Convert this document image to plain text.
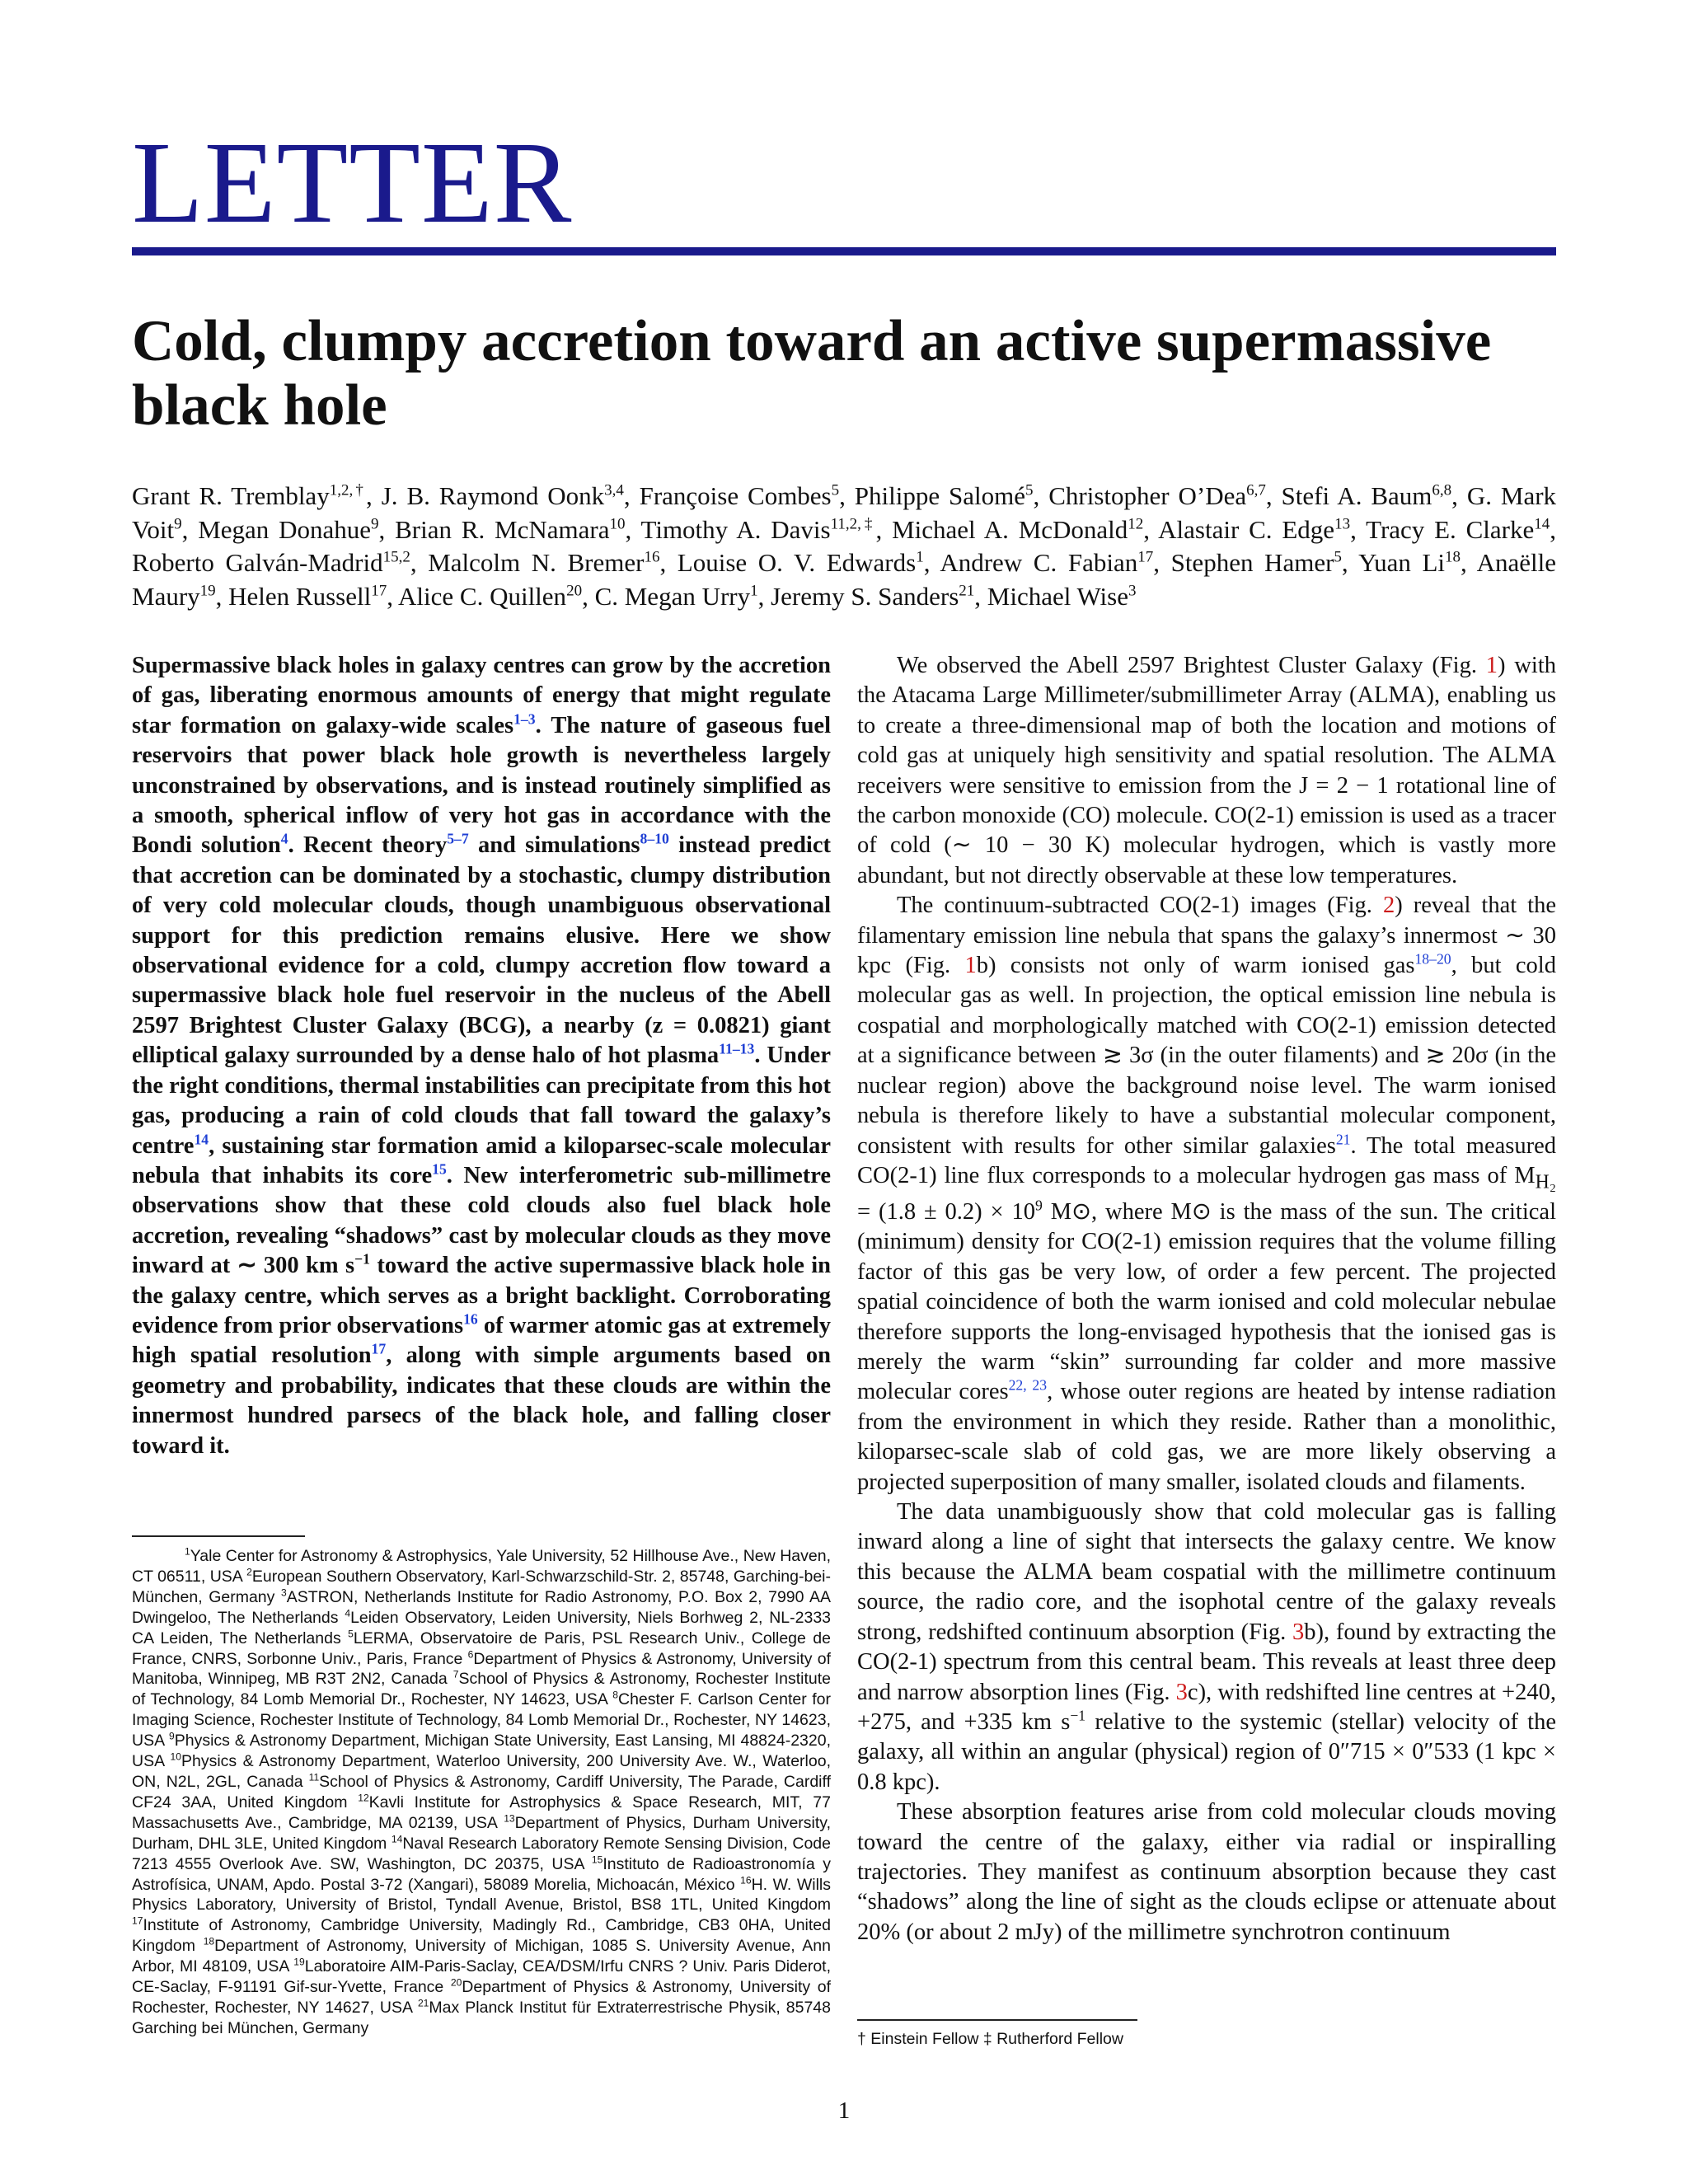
LETTER
Cold, clumpy accretion toward an active supermassive black hole
Grant R. Tremblay$^{1,2,\dagger}$, J. B. Raymond Oonk$^{3,4}$, Françoise Combes$^5$, Philippe Salomé$^5$, Christopher O’Dea$^{6,7}$, Stefi A. Baum$^{6,8}$, G. Mark Voit$^9$, Megan Donahue$^9$, Brian R. McNamara$^{10}$, Timothy A. Davis$^{11,2,\ddagger}$, Michael A. McDonald$^{12}$, Alastair C. Edge$^{13}$, Tracy E. Clarke$^{14}$, Roberto Galván-Madrid$^{15,2}$, Malcolm N. Bremer$^{16}$, Louise O. V. Edwards$^1$, Andrew C. Fabian$^{17}$, Stephen Hamer$^5$, Yuan Li$^{18}$, Anaëlle Maury$^{19}$, Helen Russell$^{17}$, Alice C. Quillen$^{20}$, C. Megan Urry$^1$, Jeremy S. Sanders$^{21}$, Michael Wise$^3$

Supermassive black holes in galaxy centres can grow by the accretion of gas, liberating enormous amounts of energy that might regulate star formation on galaxy-wide scales$^{1-3}$. The nature of gaseous fuel reservoirs that power black hole growth is nevertheless largely unconstrained by observations, and is instead routinely simplified as a smooth, spherical inflow of very hot gas in accordance with the Bondi solution$^4$. Recent theory$^{5-7}$ and simulations$^{8-10}$ instead predict that accretion can be dominated by a stochastic, clumpy distribution of very cold molecular clouds, though unambiguous observational support for this prediction remains elusive. Here we show observational evidence for a cold, clumpy accretion flow toward a supermassive black hole fuel reservoir in the nucleus of the Abell 2597 Brightest Cluster Galaxy (BCG), a nearby (z = 0.0821) giant elliptical galaxy surrounded by a dense halo of hot plasma$^{11-13}$. Under the right conditions, thermal instabilities can precipitate from this hot gas, producing a rain of cold clouds that fall toward the galaxy’s centre$^{14}$, sustaining star formation amid a kiloparsec-scale molecular nebula that inhabits its core$^{15}$. New interferometric sub-millimetre observations show that these cold clouds also fuel black hole accretion, revealing “shadows” cast by molecular clouds as they move inward at ∼ 300 km $s^{-1}$ toward the active supermassive black hole in the galaxy centre, which serves as a bright backlight. Corroborating evidence from prior observations$^{16}$ of warmer atomic gas at extremely high spatial resolution$^{17}$, along with simple arguments based on geometry and probability, indicates that these clouds are within the innermost hundred parsecs of the black hole, and falling closer toward it.

$^1$Yale Center for Astronomy & Astrophysics, Yale University, 52 Hillhouse Ave., New Haven, CT 06511, USA $^2$European Southern Observatory, Karl-Schwarzschild-Str. 2, 85748, Garching-bei-München, Germany $^3$ASTRON, Netherlands Institute for Radio Astronomy, P.O. Box 2, 7990 AA Dwingeloo, The Netherlands $^4$Leiden Observatory, Leiden University, Niels Borhweg 2, NL-2333 CA Leiden, The Netherlands $^5$LERMA, Observatoire de Paris, PSL Research Univ., College de France, CNRS, Sorbonne Univ., Paris, France $^6$Department of Physics & Astronomy, University of Manitoba, Winnipeg, MB R3T 2N2, Canada $^7$School of Physics & Astronomy, Rochester Institute of Technology, 84 Lomb Memorial Dr., Rochester, NY 14623, USA $^8$Chester F. Carlson Center for Imaging Science, Rochester Institute of Technology, 84 Lomb Memorial Dr., Rochester, NY 14623, USA $^9$Physics & Astronomy Department, Michigan State University, East Lansing, MI 48824-2320, USA $^{10}$Physics & Astronomy Department, Waterloo University, 200 University Ave. W., Waterloo, ON, N2L, 2GL, Canada $^{11}$School of Physics & Astronomy, Cardiff University, The Parade, Cardiff CF24 3AA, United Kingdom $^{12}$Kavli Institute for Astrophysics & Space Research, MIT, 77 Massachusetts Ave., Cambridge, MA 02139, USA $^{13}$Department of Physics, Durham University, Durham, DHL 3LE, United Kingdom $^{14}$Naval Research Laboratory Remote Sensing Division, Code 7213 4555 Overlook Ave. SW, Washington, DC 20375, USA $^{15}$Instituto de Radioastronomía y Astrofísica, UNAM, Apdo. Postal 3-72 (Xangari), 58089 Morelia, Michoacán, México $^{16}$H. W. Wills Physics Laboratory, University of Bristol, Tyndall Avenue, Bristol, BS8 1TL, United Kingdom $^{17}$Institute of Astronomy, Cambridge University, Madingly Rd., Cambridge, CB3 0HA, United Kingdom $^{18}$Department of Astronomy, University of Michigan, 1085 S. University Avenue, Ann Arbor, MI 48109, USA $^{19}$Laboratoire AIM-Paris-Saclay, CEA/DSM/Irfu CNRS ? Univ. Paris Diderot, CE-Saclay, F-91191 Gif-sur-Yvette, France $^{20}$Department of Physics & Astronomy, University of Rochester, Rochester, NY 14627, USA $^{21}$Max Planck Institut für Extraterrestrische Physik, 85748 Garching bei München, Germany

We observed the Abell 2597 Brightest Cluster Galaxy (Fig. 1) with the Atacama Large Millimeter/submillimeter Array (ALMA), enabling us to create a three-dimensional map of both the location and motions of cold gas at uniquely high sensitivity and spatial resolution. The ALMA receivers were sensitive to emission from the J = 2 − 1 rotational line of the carbon monoxide (CO) molecule. CO(2-1) emission is used as a tracer of cold (∼ 10 − 30 K) molecular hydrogen, which is vastly more abundant, but not directly observable at these low temperatures.

The continuum-subtracted CO(2-1) images (Fig. 2) reveal that the filamentary emission line nebula that spans the galaxy’s innermost ∼ 30 kpc (Fig. 1b) consists not only of warm ionised gas$^{18-20}$, but cold molecular gas as well. In projection, the optical emission line nebula is cospatial and morphologically matched with CO(2-1) emission detected at a significance between ≳ 3σ (in the outer filaments) and ≳ 20σ (in the nuclear region) above the background noise level. The warm ionised nebula is therefore likely to have a substantial molecular component, consistent with results for other similar galaxies$^{21}$. The total measured CO(2-1) line flux corresponds to a molecular hydrogen gas mass of $M_{H_2} = (1.8 \pm 0.2) \times 10^9$ M⊙, where M⊙ is the mass of the sun. The critical (minimum) density for CO(2-1) emission requires that the volume filling factor of this gas be very low, of order a few percent. The projected spatial coincidence of both the warm ionised and cold molecular nebulae therefore supports the long-envisaged hypothesis that the ionised gas is merely the warm “skin” surrounding far colder and more massive molecular cores$^{22, 23}$, whose outer regions are heated by intense radiation from the environment in which they reside. Rather than a monolithic, kiloparsec-scale slab of cold gas, we are more likely observing a projected superposition of many smaller, isolated clouds and filaments.

The data unambiguously show that cold molecular gas is falling inward along a line of sight that intersects the galaxy centre. We know this because the ALMA beam cospatial with the millimetre continuum source, the radio core, and the isophotal centre of the galaxy reveals strong, redshifted continuum absorption (Fig. 3b), found by extracting the CO(2-1) spectrum from this central beam. This reveals at least three deep and narrow absorption lines (Fig. 3c), with redshifted line centres at +240, +275, and +335 km $s^{-1}$ relative to the systemic (stellar) velocity of the galaxy, all within an angular (physical) region of 0″715 × 0″533 (1 kpc × 0.8 kpc).

These absorption features arise from cold molecular clouds moving toward the centre of the galaxy, either via radial or inspiralling trajectories. They manifest as continuum absorption because they cast “shadows” along the line of sight as the clouds eclipse or attenuate about 20% (or about 2 mJy) of the millimetre synchrotron continuum

† Einstein Fellow ‡ Rutherford Fellow
1
